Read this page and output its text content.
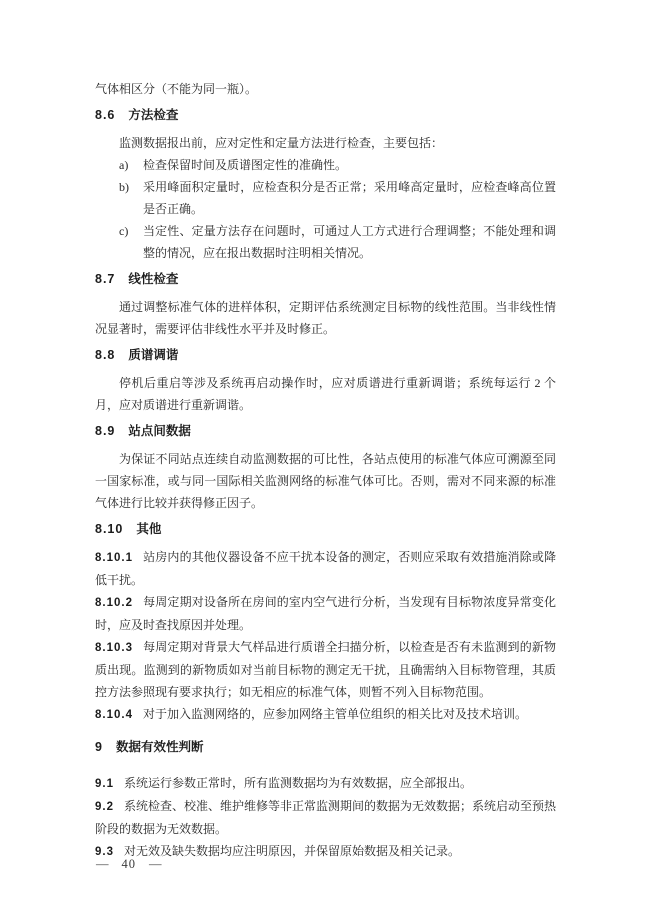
气体相区分（不能为同一瓶）。

8.6 方法检查

监测数据报出前，应对定性和定量方法进行检查，主要包括：

a) 检查保留时间及质谱图定性的准确性。
b) 采用峰面积定量时，应检查积分是否正常；采用峰高定量时，应检查峰高位置是否正确。
c) 当定性、定量方法存在问题时，可通过人工方式进行合理调整；不能处理和调整的情况，应在报出数据时注明相关情况。
8.7 线性检查

通过调整标准气体的进样体积，定期评估系统测定目标物的线性范围。当非线性情况显著时，需要评估非线性水平并及时修正。

8.8 质谱调谐

停机后重启等涉及系统再启动操作时，应对质谱进行重新调谐；系统每运行 2 个月，应对质谱进行重新调谐。

8.9 站点间数据

为保证不同站点连续自动监测数据的可比性，各站点使用的标准气体应可溯源至同一国家标准，或与同一国际相关监测网络的标准气体可比。否则，需对不同来源的标准气体进行比较并获得修正因子。

8.10 其他

8.10.1 站房内的其他仪器设备不应干扰本设备的测定，否则应采取有效措施消除或降低干扰。

8.10.2 每周定期对设备所在房间的室内空气进行分析，当发现有目标物浓度异常变化时，应及时查找原因并处理。

8.10.3 每周定期对背景大气样品进行质谱全扫描分析，以检查是否有未监测到的新物质出现。监测到的新物质如对当前目标物的测定无干扰，且确需纳入目标物管理，其质控方法参照现有要求执行；如无相应的标准气体，则暂不列入目标物范围。

8.10.4 对于加入监测网络的，应参加网络主管单位组织的相关比对及技术培训。

9 数据有效性判断

9.1 系统运行参数正常时，所有监测数据均为有效数据，应全部报出。

9.2 系统检查、校准、维护维修等非正常监测期间的数据为无效数据；系统启动至预热阶段的数据为无效数据。

9.3 对无效及缺失数据均应注明原因，并保留原始数据及相关记录。

— 40 —
